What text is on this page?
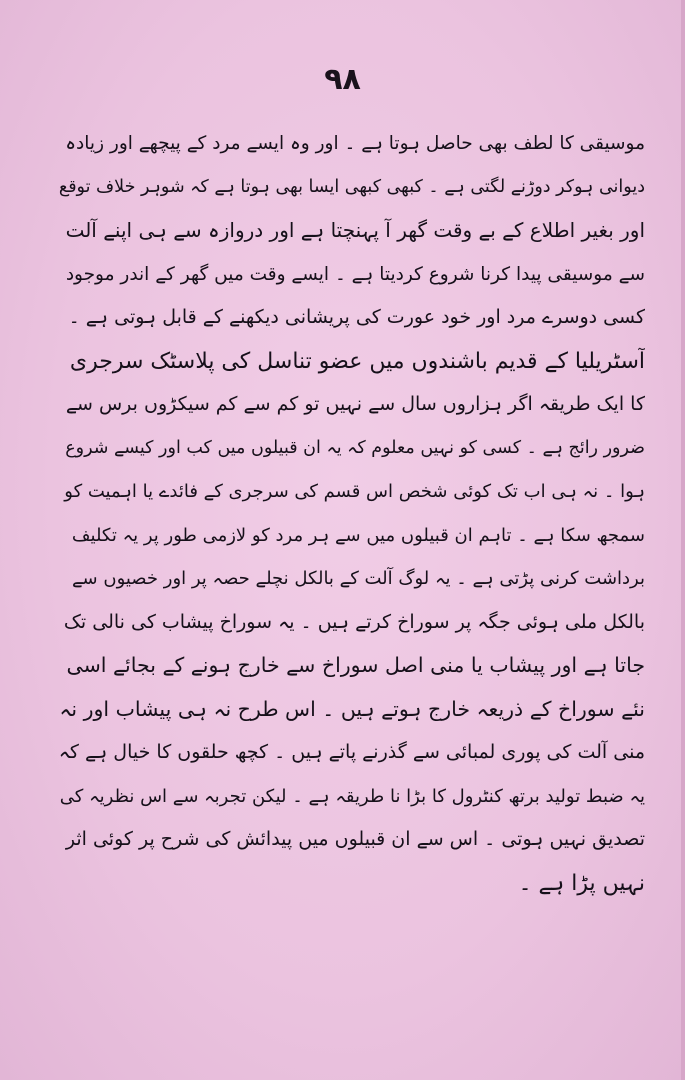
۹۸
موسیقی کا لطف بھی حاصل ہوتا ہے ۔ اور وہ ایسے مرد کے پیچھے اور زیادہ
دیوانی ہوکر دوڑنے لگتی ہے ۔ کبھی کبھی ایسا بھی ہوتا ہے کہ شوہر خلاف توقع
اور بغیر اطلاع کے بے وقت گھر آ پہنچتا ہے اور دروازہ سے ہی اپنے آلت
سے موسیقی پیدا کرنا شروع کردیتا ہے ۔ ایسے وقت میں گھر کے اندر موجود
کسی دوسرے مرد اور خود عورت کی پریشانی دیکھنے کے قابل ہوتی ہے ۔
آسٹریلیا کے قدیم باشندوں میں عضو تناسل کی پلاسٹک سرجری
کا ایک طریقہ اگر ہزاروں سال سے نہیں تو کم سے کم سیکڑوں برس سے
ضرور رائج ہے ۔ کسی کو نہیں معلوم کہ یہ ان قبیلوں میں کب اور کیسے شروع
ہوا ۔ نہ ہی اب تک کوئی شخص اس قسم کی سرجری کے فائدے یا اہمیت کو
سمجھ سکا ہے ۔ تاہم ان قبیلوں میں سے ہر مرد کو لازمی طور پر یہ تکلیف
برداشت کرنی پڑتی ہے ۔ یہ لوگ آلت کے بالکل نچلے حصہ پر اور خصیوں سے
بالکل ملی ہوئی جگہ پر سوراخ کرتے ہیں ۔ یہ سوراخ پیشاب کی نالی تک
جاتا ہے اور پیشاب یا منی اصل سوراخ سے خارج ہونے کے بجائے اسی
نئے سوراخ کے ذریعہ خارج ہوتے ہیں ۔ اس طرح نہ ہی پیشاب اور نہ
منی آلت کی پوری لمبائی سے گذرنے پاتے ہیں ۔ کچھ حلقوں کا خیال ہے کہ
یہ ضبط تولید برتھ کنٹرول کا بڑا نا طریقہ ہے ۔ لیکن تجربہ سے اس نظریہ کی
تصدیق نہیں ہوتی ۔ اس سے ان قبیلوں میں پیدائش کی شرح پر کوئی اثر
نہیں پڑا ہے ۔
